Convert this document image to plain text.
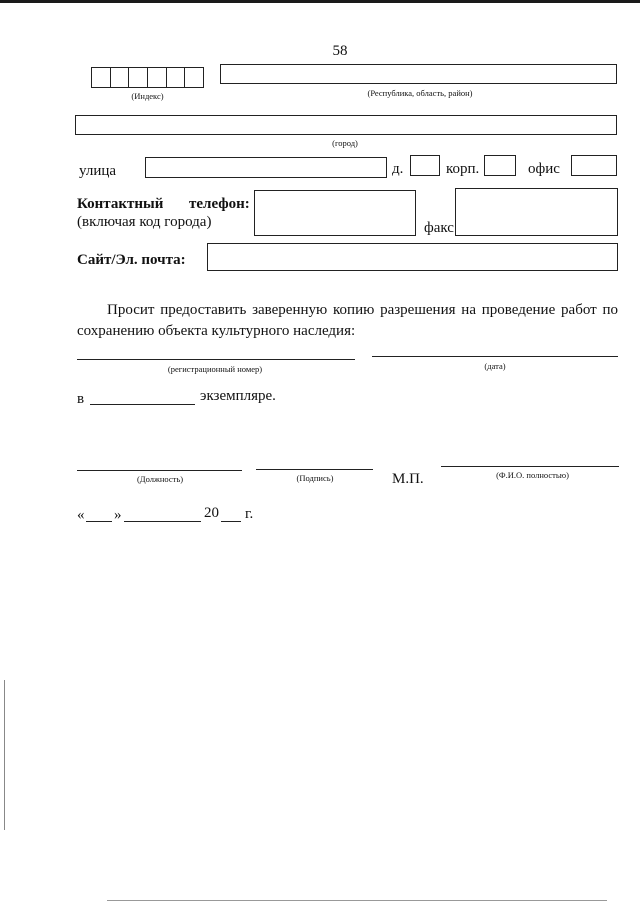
58
(Индекс)	(Республика, область, район)
(город)
улица	д.	корп.	офис
Контактный телефон:
(включая код города)	факс
Сайт/Эл. почта:
Просит предоставить заверенную копию разрешения на проведение работ по сохранению объекта культурного наследия:
(регистрационный номер)	(дата)
в	экземпляре.
(Должность)	(Подпись)	М.П.	(Ф.И.О. полностью)
« »	20 г.
